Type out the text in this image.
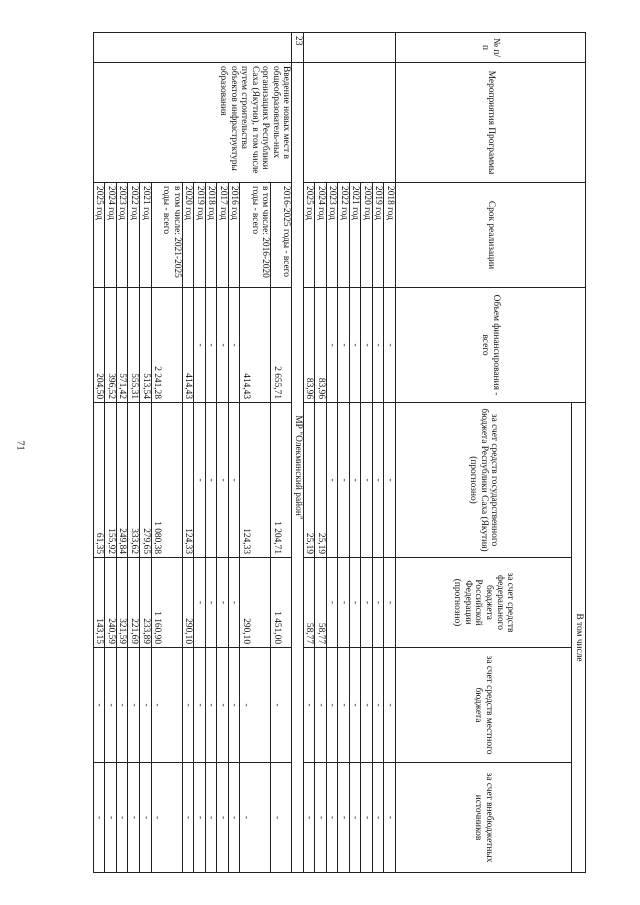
71
№ п/п	Мероприятия Программы	Срок реализации	Объем финансирования - всего	В том числе			
				за счет средств государственного бюджета Республики Саха (Якутия) (прогнозно)	за счет средств федерального бюджета Российской Федерации (прогнозно)	за счет средств местного бюджета	за счет внебюджетных источников
		2018 год	-	-	-	-	-
		2019 год	-	-	-	-	-
		2020 год	-	-	-	-	-
		2021 год	-	-	-	-	-
		2022 год	-	-	-	-	-
		2023 год	-	-	-	-	-
		2024 год	83,96	25,19	58,77	-	-
		2025 год	83,96	25,19	58,77	-	-
23	МР "Олекминский район"						
	Введение новых мест в общеобразователь-ных организациях Республики Саха (Якутия), в том числе путем строительства объектов инфраструктуры образования	2016-2025 годы - всего	2 655,71	1 204,71	1 451,00	-	-
		в том числе: 2016-2020 годы - всего	414,43	124,33	290,10	-	-
		2016 год	-	-	-	-	-
		2017 год	-	-	-	-	-
		2018 год	-	-	-	-	-
		2019 год	-	-	-	-	-
		2020 год	414,43	124,33	290,10	-	-
		в том числе: 2021-2025 годы - всего	2 241,28	1 080,38	1 160,90	-	-
		2021 год	513,54	279,65	233,89	-	-
		2022 год	555,31	333,62	221,69	-	-
		2023 год	571,42	249,84	321,59	-	-
		2024 год	396,52	155,92	240,59	-	-
		2025 год	204,50	61,35	143,15	-	-
